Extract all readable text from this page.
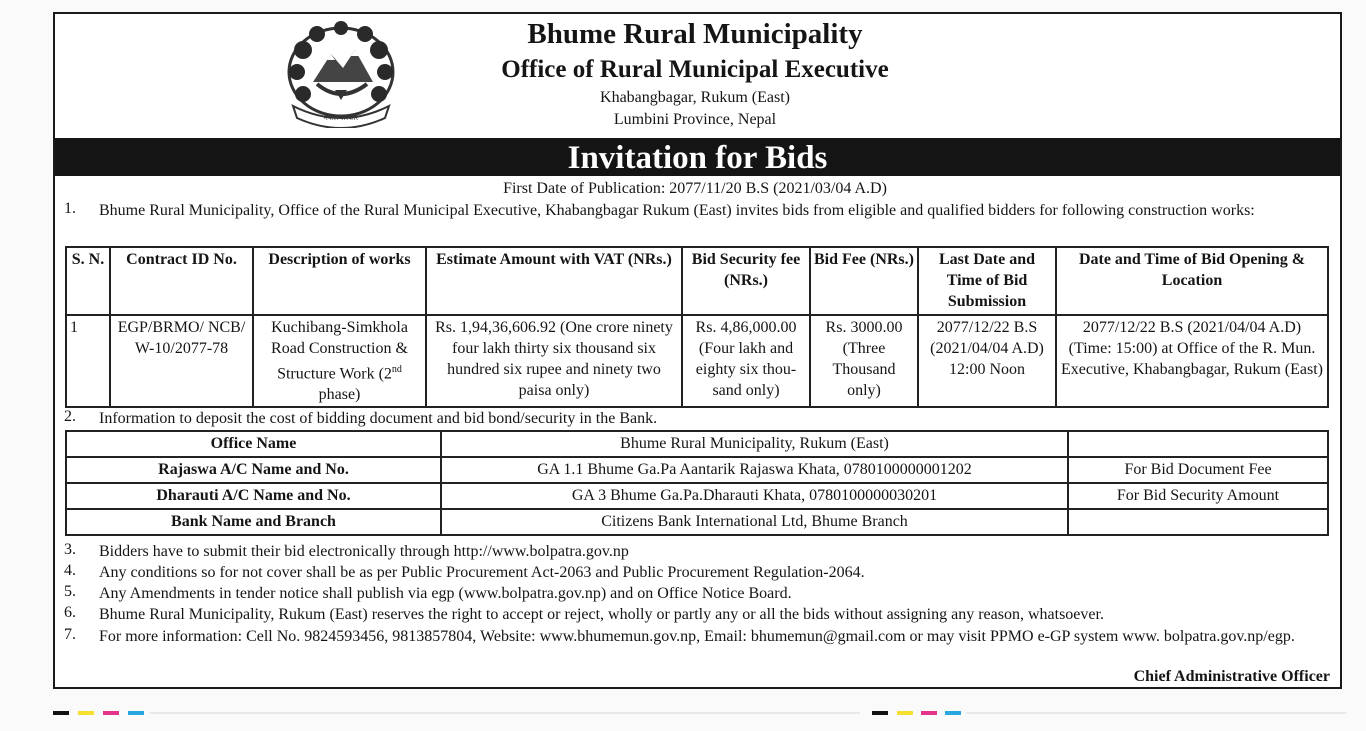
नेपाल सरकार
Bhume Rural Municipality
Office of Rural Municipal Executive
Khabangbagar, Rukum (East)
Lumbini Province, Nepal
Invitation for Bids
First Date of Publication: 2077/11/20 B.S (2021/03/04 A.D)
1. Bhume Rural Municipality, Office of the Rural Municipal Executive, Khabangbagar Rukum (East) invites bids from eligible and qualified bidders for following construction works:
S. N.	Contract ID No.	Description of works	Estimate Amount with VAT (NRs.)	Bid Security fee (NRs.)	Bid Fee (NRs.)	Last Date and Time of Bid Submission	Date and Time of Bid Opening & Location
1	EGP/BRMO/ NCB/ W-10/2077-78	Kuchibang-Simkhola Road Construction & Structure Work (2nd phase)	Rs. 1,94,36,606.92 (One crore ninety four lakh thirty six thousand six hundred six rupee and ninety two paisa only)	Rs. 4,86,000.00 (Four lakh and eighty six thou-sand only)	Rs. 3000.00 (Three Thousand only)	2077/12/22 B.S (2021/04/04 A.D) 12:00 Noon	2077/12/22 B.S (2021/04/04 A.D) (Time: 15:00) at Office of the R. Mun. Executive, Khabangbagar, Rukum (East)
2. Information to deposit the cost of bidding document and bid bond/security in the Bank.
Office Name	Bhume Rural Municipality, Rukum (East)	
Rajaswa A/C Name and No.	GA 1.1 Bhume Ga.Pa Aantarik Rajaswa Khata, 0780100000001202	For Bid Document Fee
Dharauti A/C Name and No.	GA 3 Bhume Ga.Pa.Dharauti Khata, 0780100000030201	For Bid Security Amount
Bank Name and Branch	Citizens Bank International Ltd, Bhume Branch	
3. Bidders have to submit their bid electronically through http://www.bolpatra.gov.np
4. Any conditions so for not cover shall be as per Public Procurement Act-2063 and Public Procurement Regulation-2064.
5. Any Amendments in tender notice shall publish via egp (www.bolpatra.gov.np) and on Office Notice Board.
6. Bhume Rural Municipality, Rukum (East) reserves the right to accept or reject, wholly or partly any or all the bids without assigning any reason, whatsoever.
7. For more information: Cell No. 9824593456, 9813857804, Website: www.bhumemun.gov.np, Email: bhumemun@gmail.com or may visit PPMO e-GP system www. bolpatra.gov.np/egp.
Chief Administrative Officer
